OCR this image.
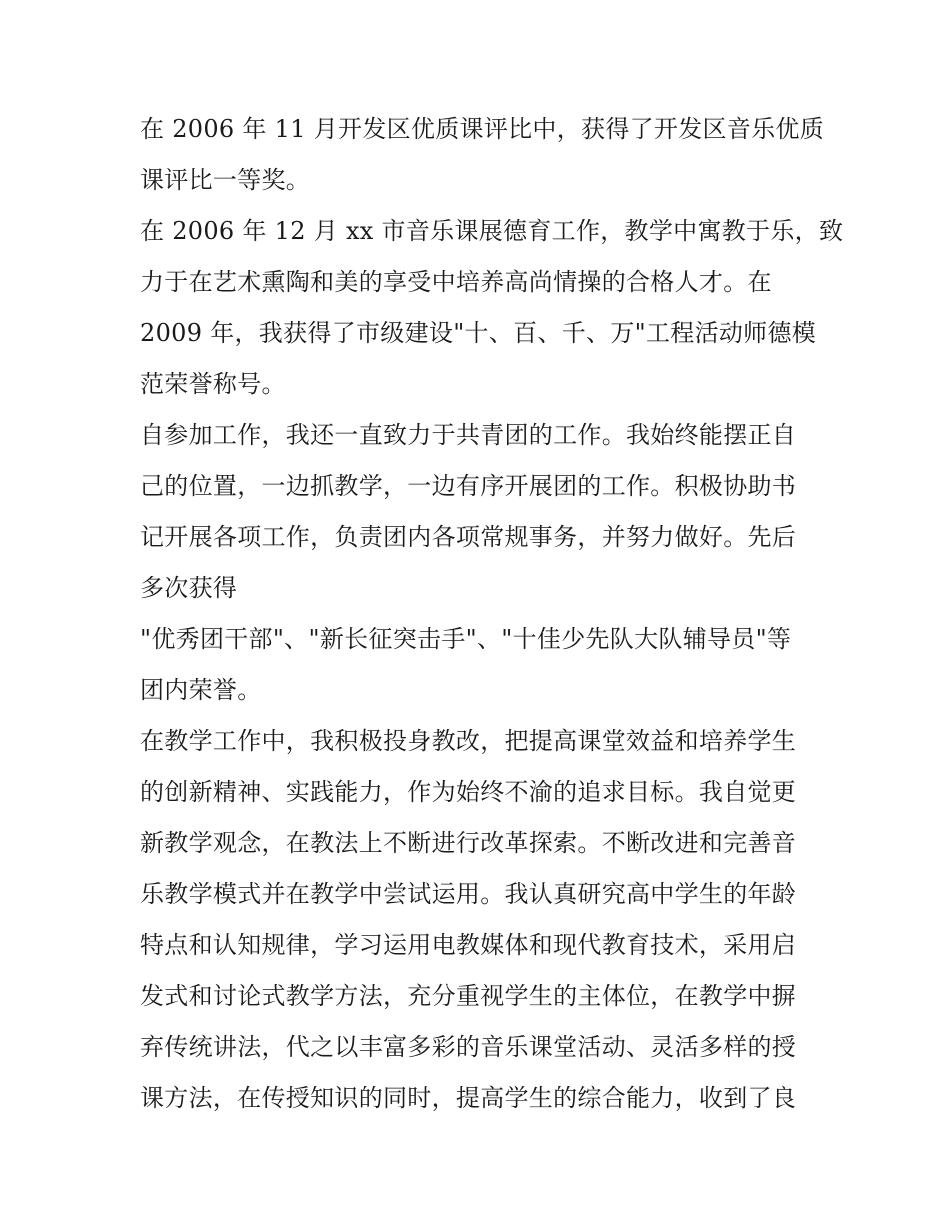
在 2006 年 11 月开发区优质课评比中，获得了开发区音乐优质
课评比一等奖。
在 2006 年 12 月 xx 市音乐课展德育工作，教学中寓教于乐，致
力于在艺术熏陶和美的享受中培养高尚情操的合格人才。在
2009 年，我获得了市级建设"十、百、千、万"工程活动师德模
范荣誉称号。
自参加工作，我还一直致力于共青团的工作。我始终能摆正自
己的位置，一边抓教学，一边有序开展团的工作。积极协助书
记开展各项工作，负责团内各项常规事务，并努力做好。先后
多次获得
"优秀团干部"、"新长征突击手"、"十佳少先队大队辅导员"等
团内荣誉。
在教学工作中，我积极投身教改，把提高课堂效益和培养学生
的创新精神、实践能力，作为始终不渝的追求目标。我自觉更
新教学观念，在教法上不断进行改革探索。不断改进和完善音
乐教学模式并在教学中尝试运用。我认真研究高中学生的年龄
特点和认知规律，学习运用电教媒体和现代教育技术，采用启
发式和讨论式教学方法，充分重视学生的主体位，在教学中摒
弃传统讲法，代之以丰富多彩的音乐课堂活动、灵活多样的授
课方法，在传授知识的同时，提高学生的综合能力，收到了良
